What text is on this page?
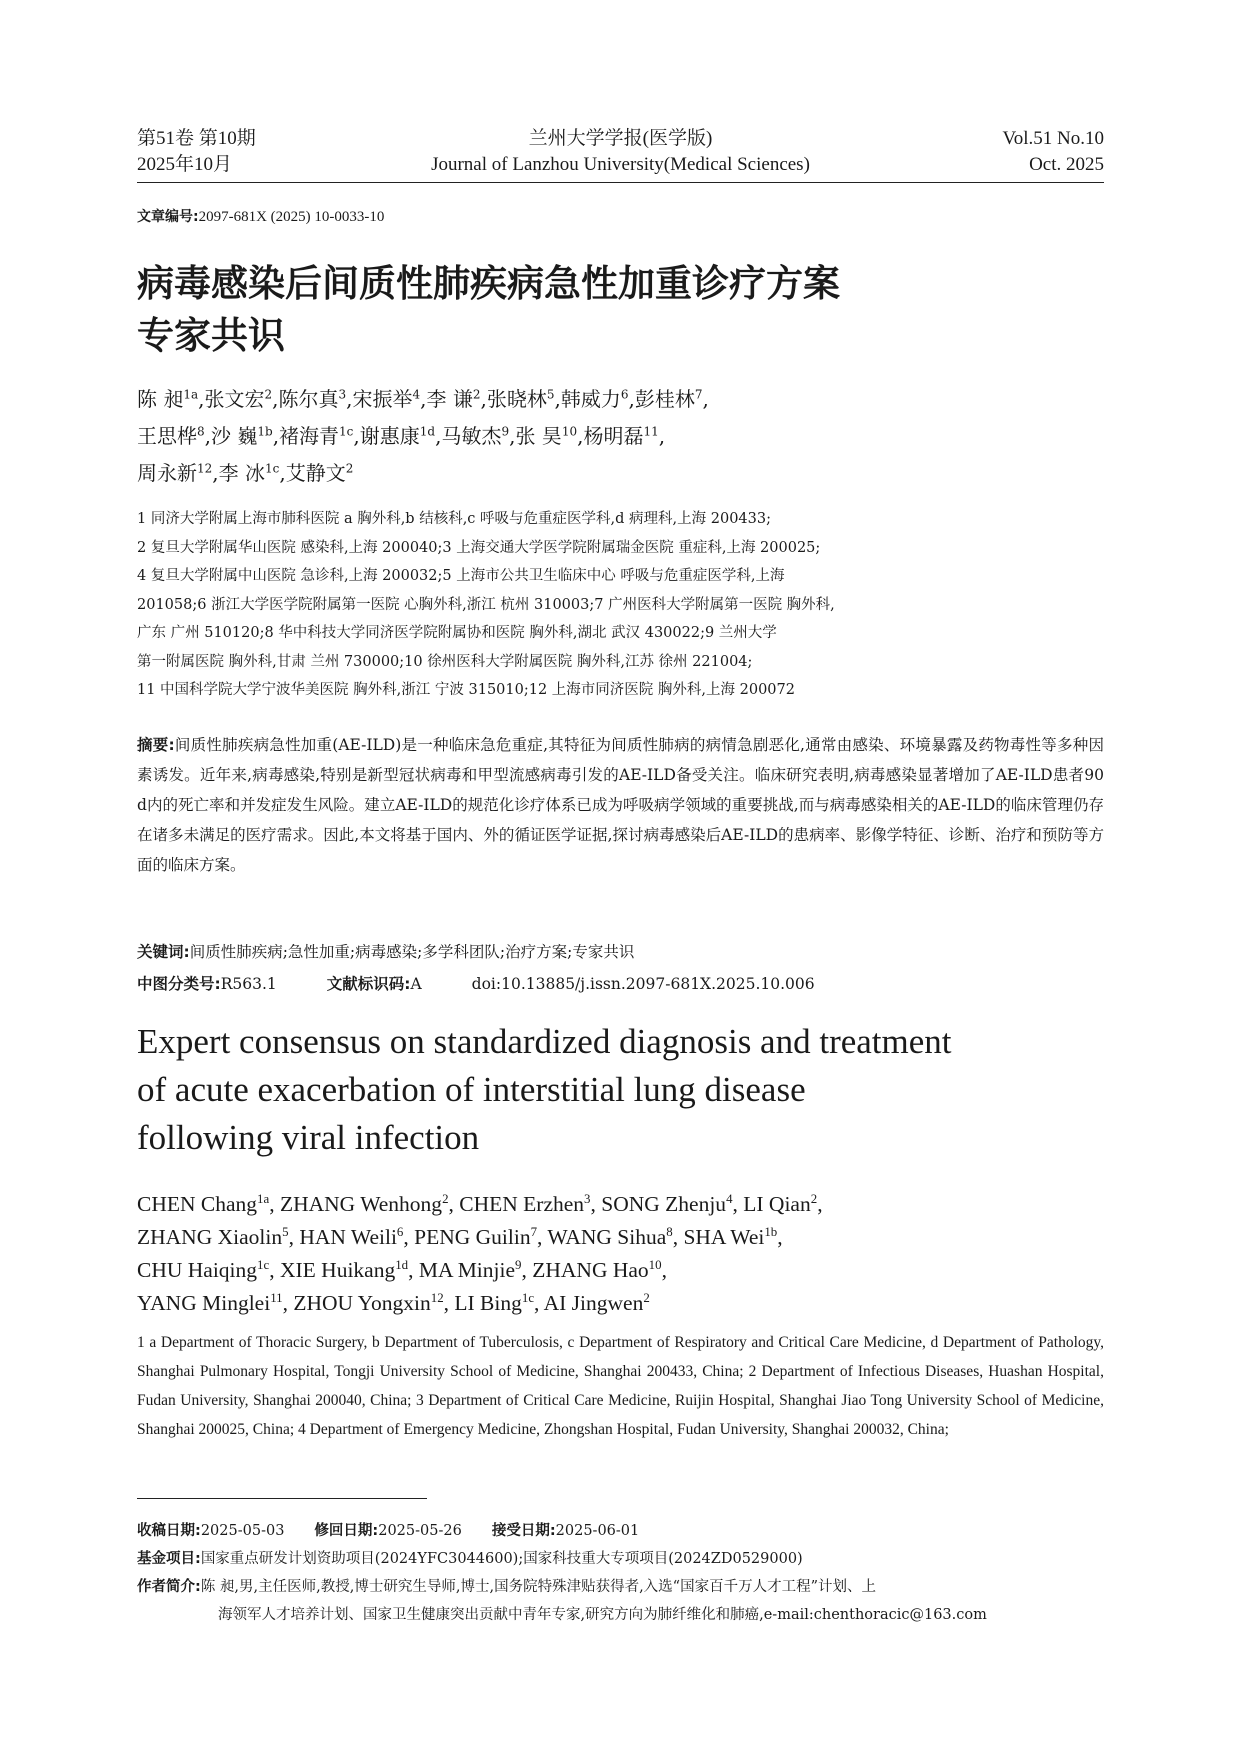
第51卷 第10期
2025年10月
兰州大学学报(医学版)
Journal of Lanzhou University(Medical Sciences)
Vol.51 No.10
Oct. 2025
文章编号:2097-681X (2025) 10-0033-10
病毒感染后间质性肺疾病急性加重诊疗方案
专家共识
陈 昶$^{1a}$,张文宏$^2$,陈尔真$^3$,宋振举$^4$,李 谦$^2$,张晓林$^5$,韩威力$^6$,彭桂林$^7$,
王思桦$^8$,沙 巍$^{1b}$,褚海青$^{1c}$,谢惠康$^{1d}$,马敏杰$^9$,张 昊$^{10}$,杨明磊$^{11}$,
周永新$^{12}$,李 冰$^{1c}$,艾静文$^2$
1 同济大学附属上海市肺科医院 a 胸外科,b 结核科,c 呼吸与危重症医学科,d 病理科,上海 200433;
2 复旦大学附属华山医院 感染科,上海 200040;3 上海交通大学医学院附属瑞金医院 重症科,上海 200025;
4 复旦大学附属中山医院 急诊科,上海 200032;5 上海市公共卫生临床中心 呼吸与危重症医学科,上海
201058;6 浙江大学医学院附属第一医院 心胸外科,浙江 杭州 310003;7 广州医科大学附属第一医院 胸外科,
广东 广州 510120;8 华中科技大学同济医学院附属协和医院 胸外科,湖北 武汉 430022;9 兰州大学
第一附属医院 胸外科,甘肃 兰州 730000;10 徐州医科大学附属医院 胸外科,江苏 徐州 221004;
11 中国科学院大学宁波华美医院 胸外科,浙江 宁波 315010;12 上海市同济医院 胸外科,上海 200072
摘要:间质性肺疾病急性加重(AE-ILD)是一种临床急危重症,其特征为间质性肺病的病情急剧恶化,通常由感染、环境暴露及药物毒性等多种因素诱发。近年来,病毒感染,特别是新型冠状病毒和甲型流感病毒引发的AE-ILD备受关注。临床研究表明,病毒感染显著增加了AE-ILD患者90 d内的死亡率和并发症发生风险。建立AE-ILD的规范化诊疗体系已成为呼吸病学领域的重要挑战,而与病毒感染相关的AE-ILD的临床管理仍存在诸多未满足的医疗需求。因此,本文将基于国内、外的循证医学证据,探讨病毒感染后AE-ILD的患病率、影像学特征、诊断、治疗和预防等方面的临床方案。
关键词:间质性肺疾病;急性加重;病毒感染;多学科团队;治疗方案;专家共识
中图分类号:R563.1	文献标识码:A	doi:10.13885/j.issn.2097-681X.2025.10.006
Expert consensus on standardized diagnosis and treatment
of acute exacerbation of interstitial lung disease
following viral infection
CHEN Chang$^{1a}$, ZHANG Wenhong$^2$, CHEN Erzhen$^3$, SONG Zhenju$^4$, LI Qian$^2$,
ZHANG Xiaolin$^5$, HAN Weili$^6$, PENG Guilin$^7$, WANG Sihua$^8$, SHA Wei$^{1b}$,
CHU Haiqing$^{1c}$, XIE Huikang$^{1d}$, MA Minjie$^9$, ZHANG Hao$^{10}$,
YANG Minglei$^{11}$, ZHOU Yongxin$^{12}$, LI Bing$^{1c}$, AI Jingwen$^2$
1 a Department of Thoracic Surgery, b Department of Tuberculosis, c Department of Respiratory and Critical Care Medicine, d Department of Pathology, Shanghai Pulmonary Hospital, Tongji University School of Medicine, Shanghai 200433, China; 2 Department of Infectious Diseases, Huashan Hospital, Fudan University, Shanghai 200040, China; 3 Department of Critical Care Medicine, Ruijin Hospital, Shanghai Jiao Tong University School of Medicine, Shanghai 200025, China; 4 Department of Emergency Medicine, Zhongshan Hospital, Fudan University, Shanghai 200032, China;
收稿日期:2025-05-03 修回日期:2025-05-26 接受日期:2025-06-01
基金项目:国家重点研发计划资助项目(2024YFC3044600);国家科技重大专项项目(2024ZD0529000)
作者简介:陈 昶,男,主任医师,教授,博士研究生导师,博士,国务院特殊津贴获得者,入选“国家百千万人才工程”计划、上
海领军人才培养计划、国家卫生健康突出贡献中青年专家,研究方向为肺纤维化和肺癌,e-mail:chenthoracic@163.com
